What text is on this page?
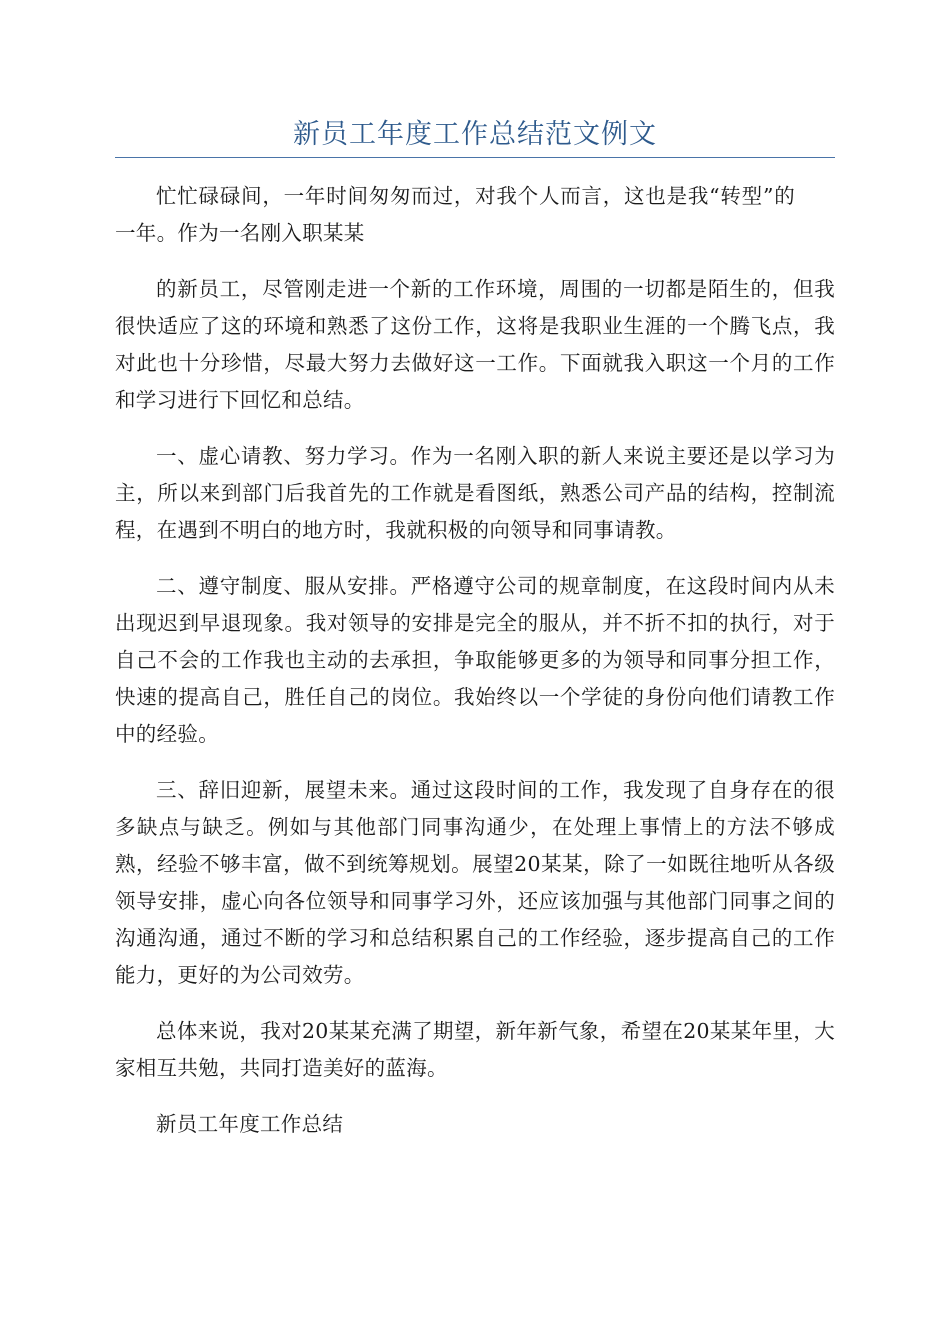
新员工年度工作总结范文例文

忙忙碌碌间，一年时间匆匆而过，对我个人而言，这也是我“转型”的一年。作为一名刚入职某某

的新员工，尽管刚走进一个新的工作环境，周围的一切都是陌生的，但我很快适应了这的环境和熟悉了这份工作，这将是我职业生涯的一个腾飞点，我对此也十分珍惜，尽最大努力去做好这一工作。下面就我入职这一个月的工作和学习进行下回忆和总结。

一、虚心请教、努力学习。作为一名刚入职的新人来说主要还是以学习为主，所以来到部门后我首先的工作就是看图纸，熟悉公司产品的结构，控制流程，在遇到不明白的地方时，我就积极的向领导和同事请教。

二、遵守制度、服从安排。严格遵守公司的规章制度，在这段时间内从未出现迟到早退现象。我对领导的安排是完全的服从，并不折不扣的执行，对于自己不会的工作我也主动的去承担，争取能够更多的为领导和同事分担工作，快速的提高自己，胜任自己的岗位。我始终以一个学徒的身份向他们请教工作中的经验。

三、辞旧迎新，展望未来。通过这段时间的工作，我发现了自身存在的很多缺点与缺乏。例如与其他部门同事沟通少，在处理上事情上的方法不够成熟，经验不够丰富，做不到统筹规划。展望20某某，除了一如既往地听从各级领导安排，虚心向各位领导和同事学习外，还应该加强与其他部门同事之间的沟通沟通，通过不断的学习和总结积累自己的工作经验，逐步提高自己的工作能力，更好的为公司效劳。

总体来说，我对20某某充满了期望，新年新气象，希望在20某某年里，大家相互共勉，共同打造美好的蓝海。

新员工年度工作总结
